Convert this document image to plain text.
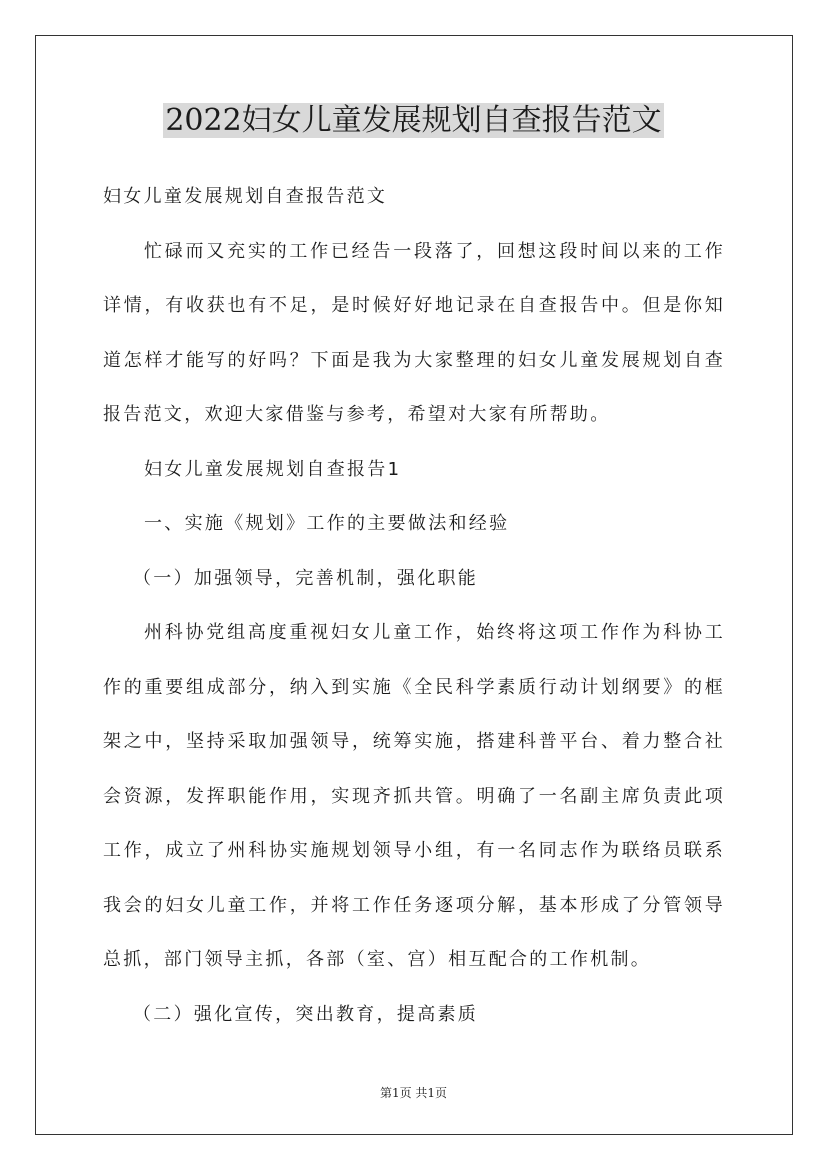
2022妇女儿童发展规划自查报告范文

妇女儿童发展规划自查报告范文

忙碌而又充实的工作已经告一段落了，回想这段时间以来的工作详情，有收获也有不足，是时候好好地记录在自查报告中。但是你知道怎样才能写的好吗？下面是我为大家整理的妇女儿童发展规划自查报告范文，欢迎大家借鉴与参考，希望对大家有所帮助。

妇女儿童发展规划自查报告1

一、实施《规划》工作的主要做法和经验

（一）加强领导，完善机制，强化职能

州科协党组高度重视妇女儿童工作，始终将这项工作作为科协工作的重要组成部分，纳入到实施《全民科学素质行动计划纲要》的框架之中，坚持采取加强领导，统筹实施，搭建科普平台、着力整合社会资源，发挥职能作用，实现齐抓共管。明确了一名副主席负责此项工作，成立了州科协实施规划领导小组，有一名同志作为联络员联系我会的妇女儿童工作，并将工作任务逐项分解，基本形成了分管领导总抓，部门领导主抓，各部（室、宫）相互配合的工作机制。

（二）强化宣传，突出教育，提高素质

第1页 共1页
